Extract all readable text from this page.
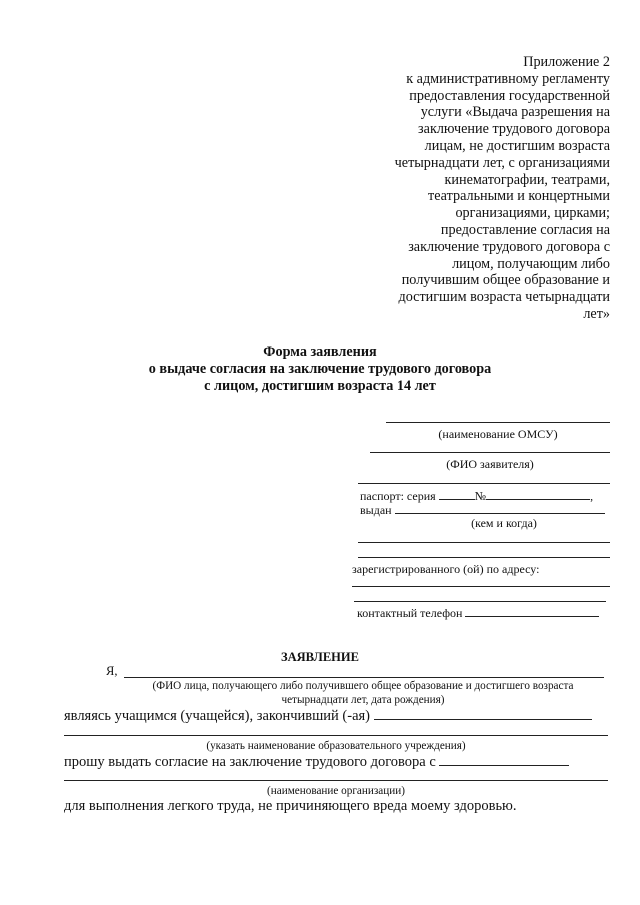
Приложение 2
к административному регламенту
предоставления государственной
услуги «Выдача разрешения на
заключение трудового договора
лицам, не достигшим возраста
четырнадцати лет, с организациями
кинематографии, театрами,
театральными и концертными
организациями, цирками;
предоставление согласия на
заключение трудового договора с
лицом, получающим либо
получившим общее образование и
достигшим возраста четырнадцати
лет»
Форма заявления
о выдаче согласия на заключение трудового договора
с лицом, достигшим возраста 14 лет
(наименование ОМСУ)
(ФИО заявителя)
паспорт: серия	№	,
выдан
(кем и когда)
зарегистрированного (ой) по адресу:
контактный телефон
ЗАЯВЛЕНИЕ
Я,
(ФИО лица, получающего либо получившего общее образование и достигшего возраста
четырнадцати лет, дата рождения)
являясь учащимся (учащейся), закончивший (-ая)
(указать наименование образовательного учреждения)
прошу выдать согласие на заключение трудового договора с
(наименование организации)
для выполнения легкого труда, не причиняющего вреда моему здоровью.
